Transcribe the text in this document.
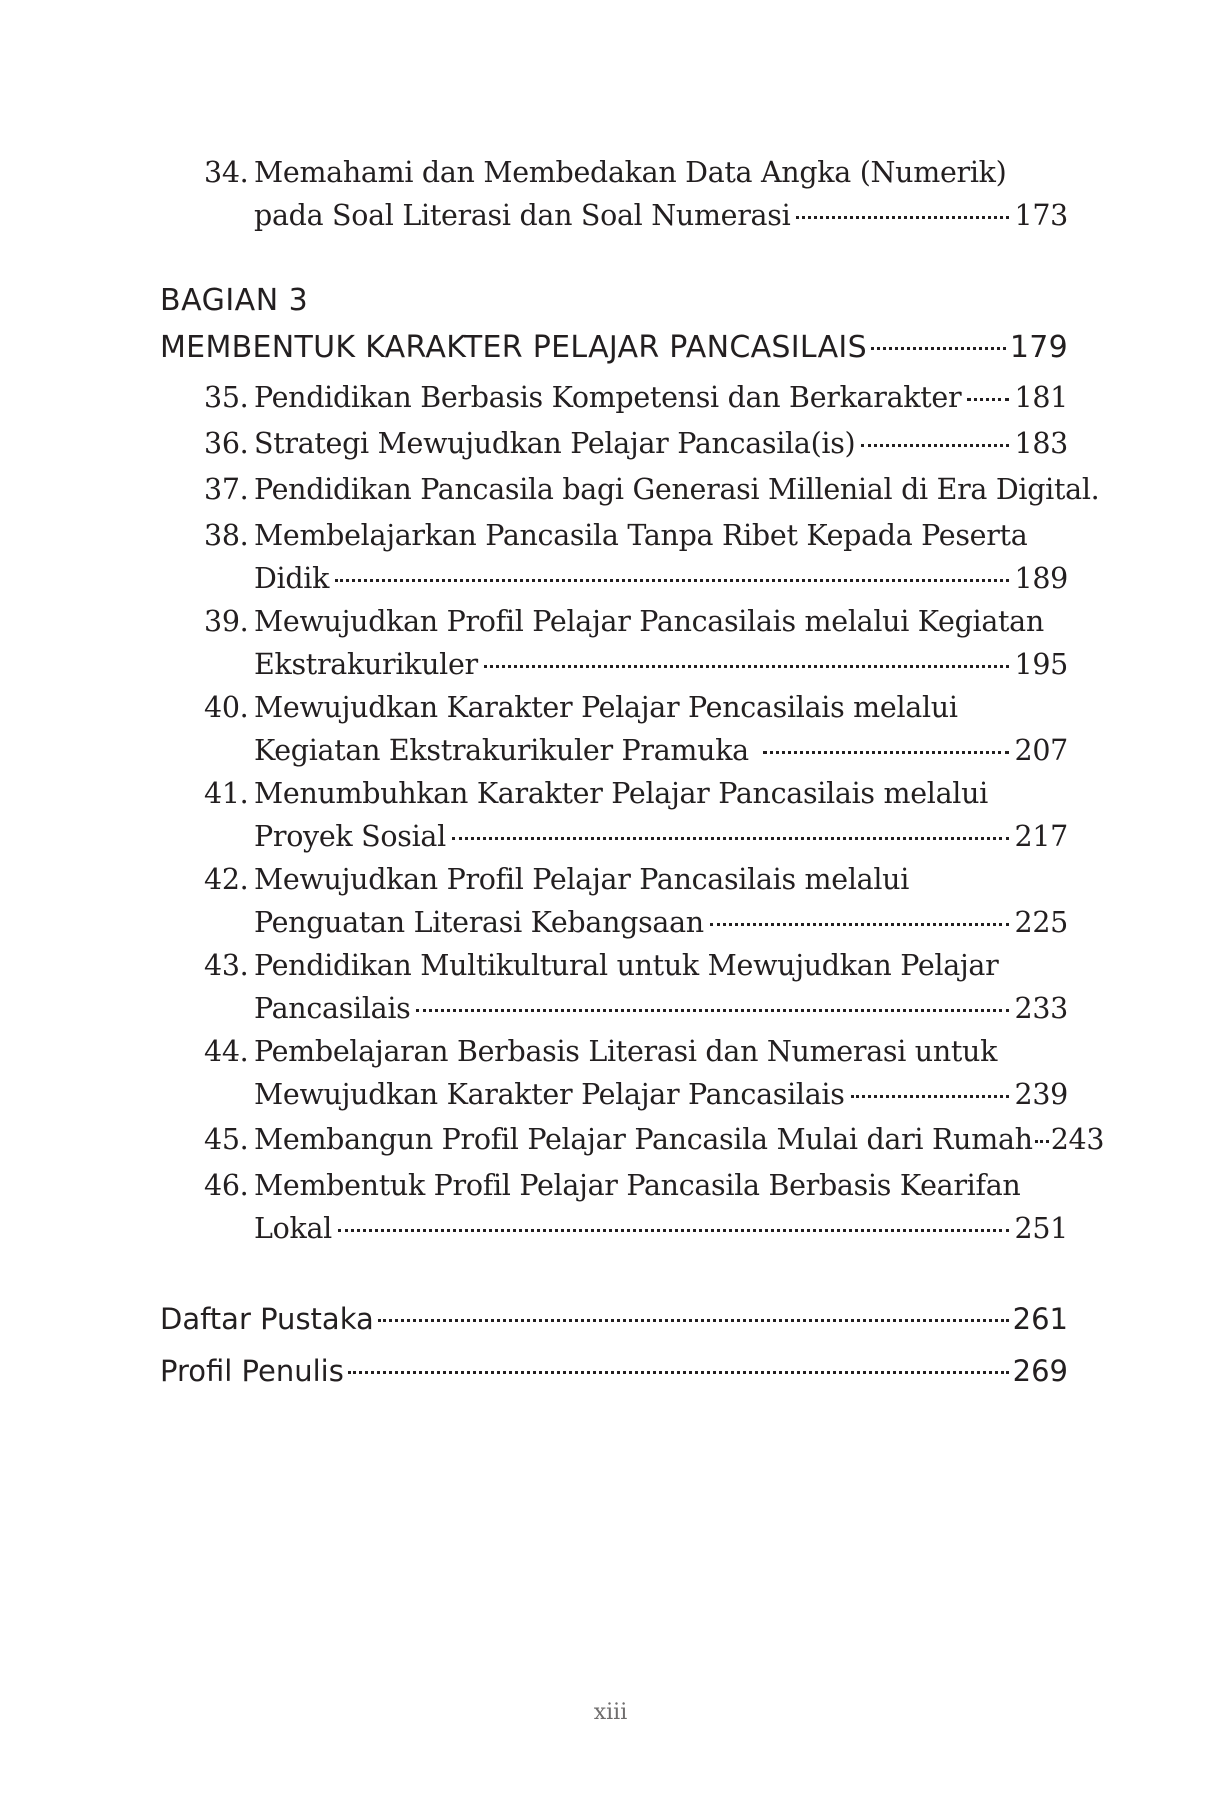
34. Memahami dan Membedakan Data Angka (Numerik)
pada Soal Literasi dan Soal Numerasi	173
BAGIAN 3
MEMBENTUK KARAKTER PELAJAR PANCASILAIS	179
35. Pendidikan Berbasis Kompetensi dan Berkarakter 181
36. Strategi Mewujudkan Pelajar Pancasila(is)	183
37. Pendidikan Pancasila bagi Generasi Millenial di Era Digital.
38. Membelajarkan Pancasila Tanpa Ribet Kepada Peserta
Didik	189
39. Mewujudkan Profil Pelajar Pancasilais melalui Kegiatan
Ekstrakurikuler	195
40. Mewujudkan Karakter Pelajar Pencasilais melalui
Kegiatan Ekstrakurikuler Pramuka	207
41. Menumbuhkan Karakter Pelajar Pancasilais melalui
Proyek Sosial	217
42. Mewujudkan Profil Pelajar Pancasilais melalui
Penguatan Literasi Kebangsaan	225
43. Pendidikan Multikultural untuk Mewujudkan Pelajar
Pancasilais	233
44. Pembelajaran Berbasis Literasi dan Numerasi untuk
Mewujudkan Karakter Pelajar Pancasilais	239
45. Membangun Profil Pelajar Pancasila Mulai dari Rumah 243
46. Membentuk Profil Pelajar Pancasila Berbasis Kearifan
Lokal	251
Daftar Pustaka	261
Profil Penulis	269
xiii
